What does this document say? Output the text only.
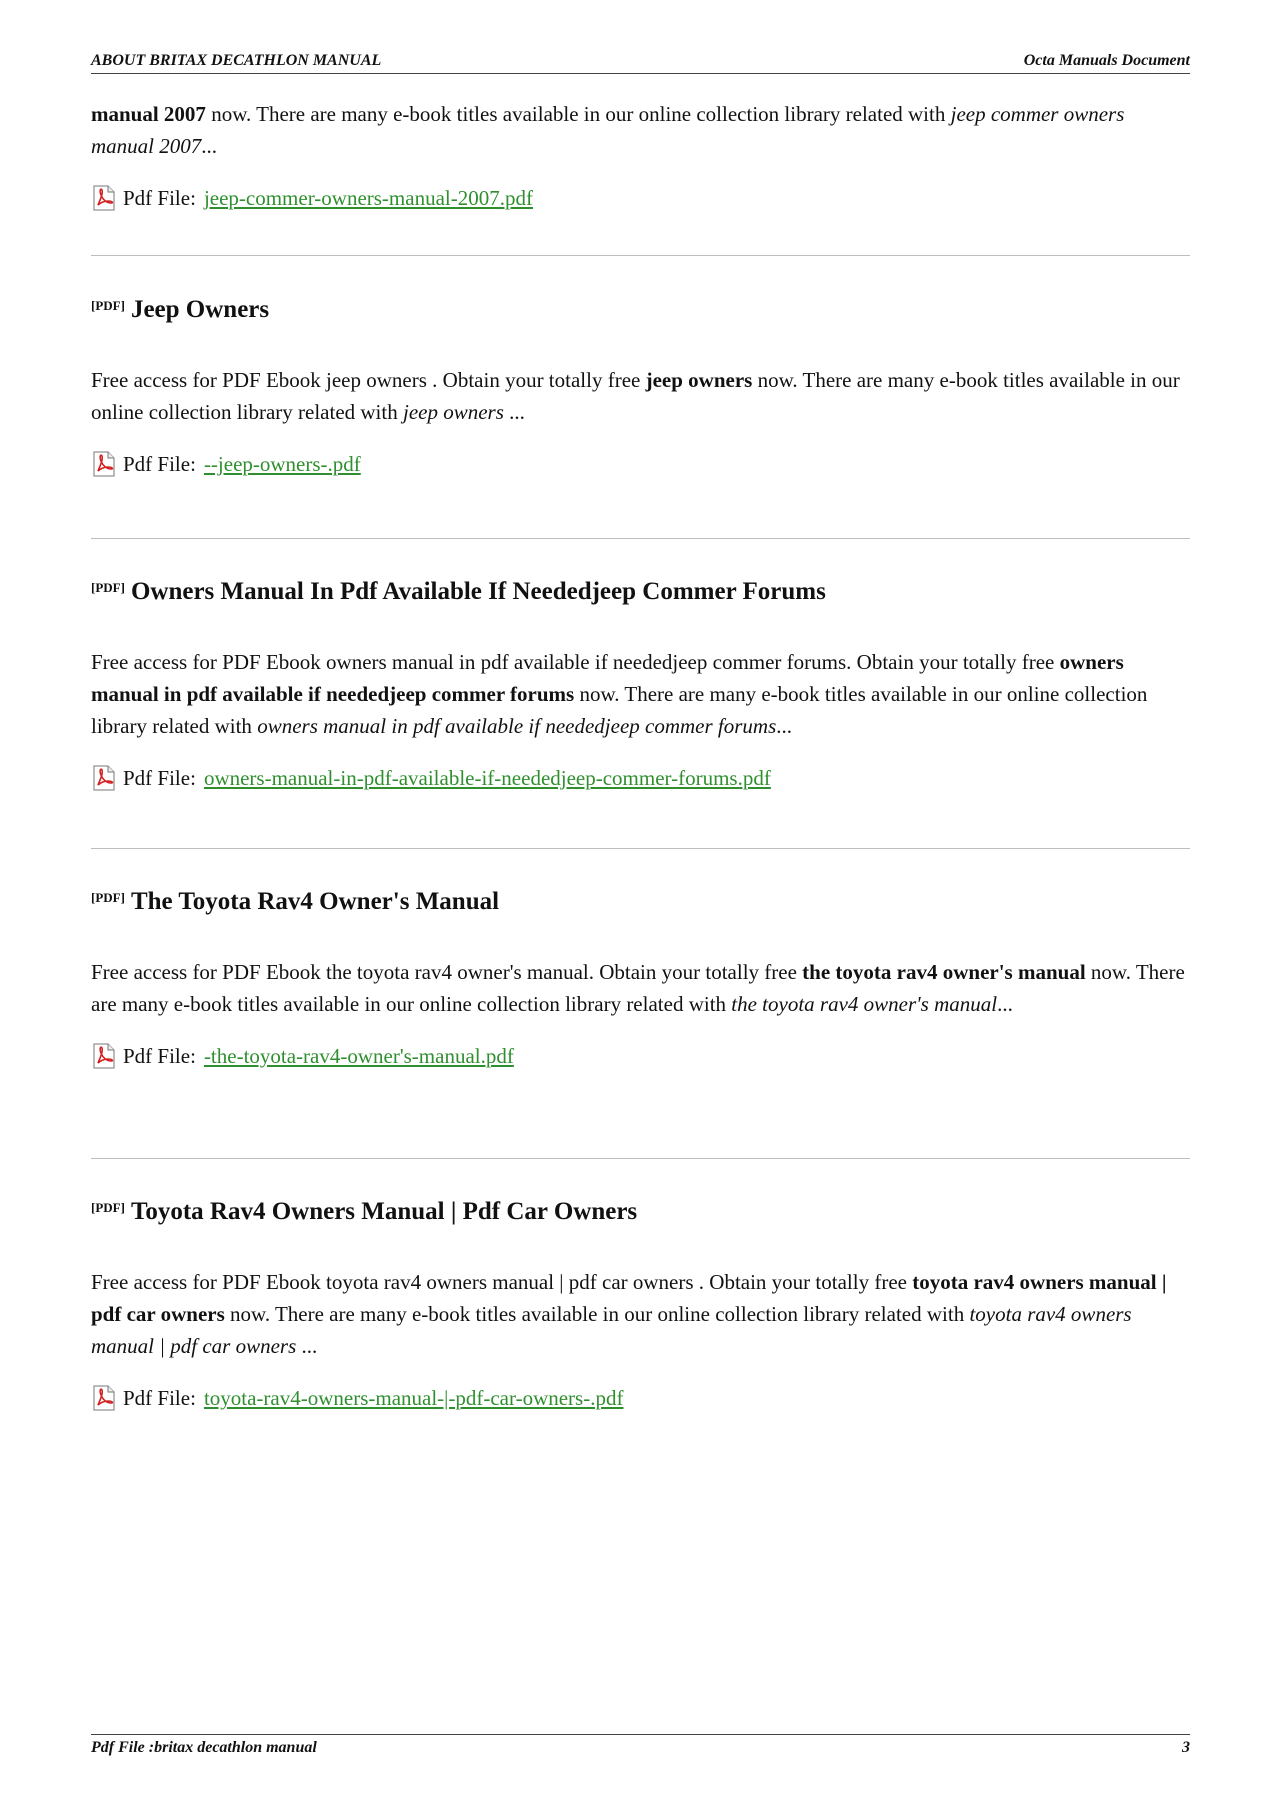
ABOUT BRITAX DECATHLON MANUAL	Octa Manuals Document

manual 2007 now. There are many e-book titles available in our online collection library related with jeep commer owners manual 2007...

Pdf File: jeep-commer-owners-manual-2007.pdf

[PDF] Jeep Owners

Free access for PDF Ebook jeep owners . Obtain your totally free jeep owners now. There are many e-book titles available in our online collection library related with jeep owners ...

Pdf File: --jeep-owners-.pdf

[PDF] Owners Manual In Pdf Available If Neededjeep Commer Forums

Free access for PDF Ebook owners manual in pdf available if neededjeep commer forums. Obtain your totally free owners manual in pdf available if neededjeep commer forums now. There are many e-book titles available in our online collection library related with owners manual in pdf available if neededjeep commer forums...

Pdf File: owners-manual-in-pdf-available-if-neededjeep-commer-forums.pdf

[PDF] The Toyota Rav4 Owner's Manual

Free access for PDF Ebook the toyota rav4 owner's manual. Obtain your totally free the toyota rav4 owner's manual now. There are many e-book titles available in our online collection library related with the toyota rav4 owner's manual...

Pdf File: -the-toyota-rav4-owner's-manual.pdf

[PDF] Toyota Rav4 Owners Manual | Pdf Car Owners

Free access for PDF Ebook toyota rav4 owners manual | pdf car owners . Obtain your totally free toyota rav4 owners manual | pdf car owners now. There are many e-book titles available in our online collection library related with toyota rav4 owners manual | pdf car owners ...

Pdf File: toyota-rav4-owners-manual-|-pdf-car-owners-.pdf

Pdf File :britax decathlon manual	3
